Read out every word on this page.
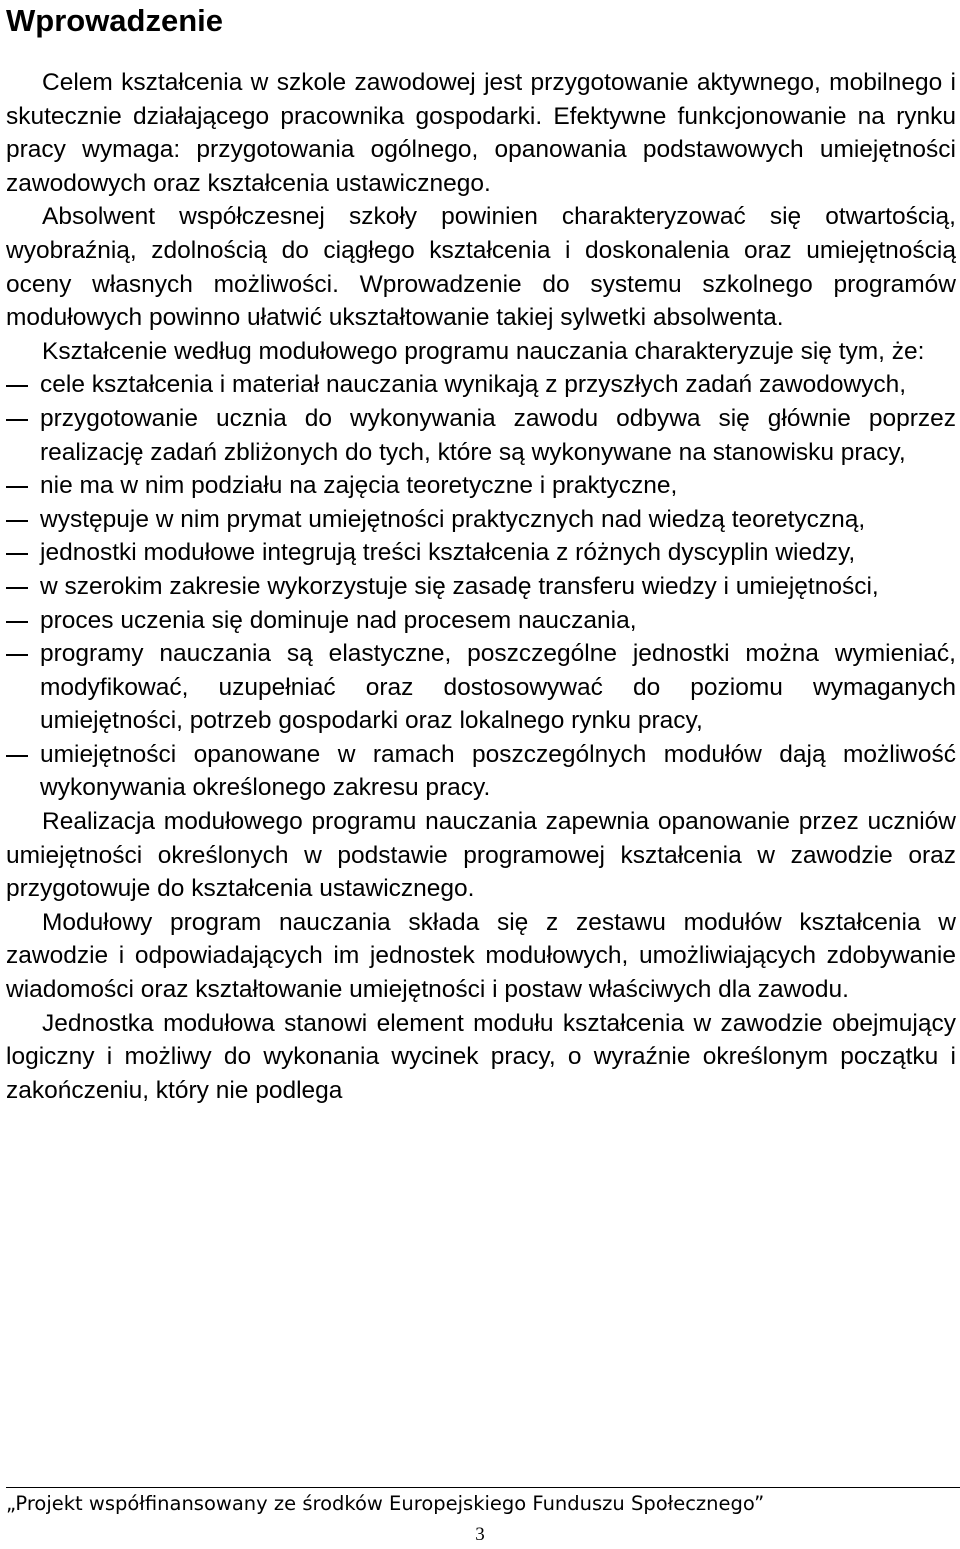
Wprowadzenie

Celem kształcenia w szkole zawodowej jest przygotowanie aktywnego, mobilnego i skutecznie działającego pracownika gospodarki. Efektywne funkcjonowanie na rynku pracy wymaga: przygotowania ogólnego, opanowania podstawowych umiejętności zawodowych oraz kształcenia ustawicznego.

Absolwent współczesnej szkoły powinien charakteryzować się otwartością, wyobraźnią, zdolnością do ciągłego kształcenia i doskonalenia oraz umiejętnością oceny własnych możliwości. Wprowadzenie do systemu szkolnego programów modułowych powinno ułatwić ukształtowanie takiej sylwetki absolwenta.

Kształcenie według modułowego programu nauczania charakteryzuje się tym, że:

cele kształcenia i materiał nauczania wynikają z przyszłych zadań zawodowych,
przygotowanie ucznia do wykonywania zawodu odbywa się głównie poprzez realizację zadań zbliżonych do tych, które są wykonywane na stanowisku pracy,
nie ma w nim podziału na zajęcia teoretyczne i praktyczne,
występuje w nim prymat umiejętności praktycznych nad wiedzą teoretyczną,
jednostki modułowe integrują treści kształcenia z różnych dyscyplin wiedzy,
w szerokim zakresie wykorzystuje się zasadę transferu wiedzy i umiejętności,
proces uczenia się dominuje nad procesem nauczania,
programy nauczania są elastyczne, poszczególne jednostki można wymieniać, modyfikować, uzupełniać oraz dostosowywać do poziomu wymaganych umiejętności, potrzeb gospodarki oraz lokalnego rynku pracy,
umiejętności opanowane w ramach poszczególnych modułów dają możliwość wykonywania określonego zakresu pracy.

Realizacja modułowego programu nauczania zapewnia opanowanie przez uczniów umiejętności określonych w podstawie programowej kształcenia w zawodzie oraz przygotowuje do kształcenia ustawicznego.

Modułowy program nauczania składa się z zestawu modułów kształcenia w zawodzie i odpowiadających im jednostek modułowych, umożliwiających zdobywanie wiadomości oraz kształtowanie umiejętności i postaw właściwych dla zawodu.

Jednostka modułowa stanowi element modułu kształcenia w zawodzie obejmujący logiczny i możliwy do wykonania wycinek pracy, o wyraźnie określonym początku i zakończeniu, który nie podlega

„Projekt współfinansowany ze środków Europejskiego Funduszu Społecznego”
3
